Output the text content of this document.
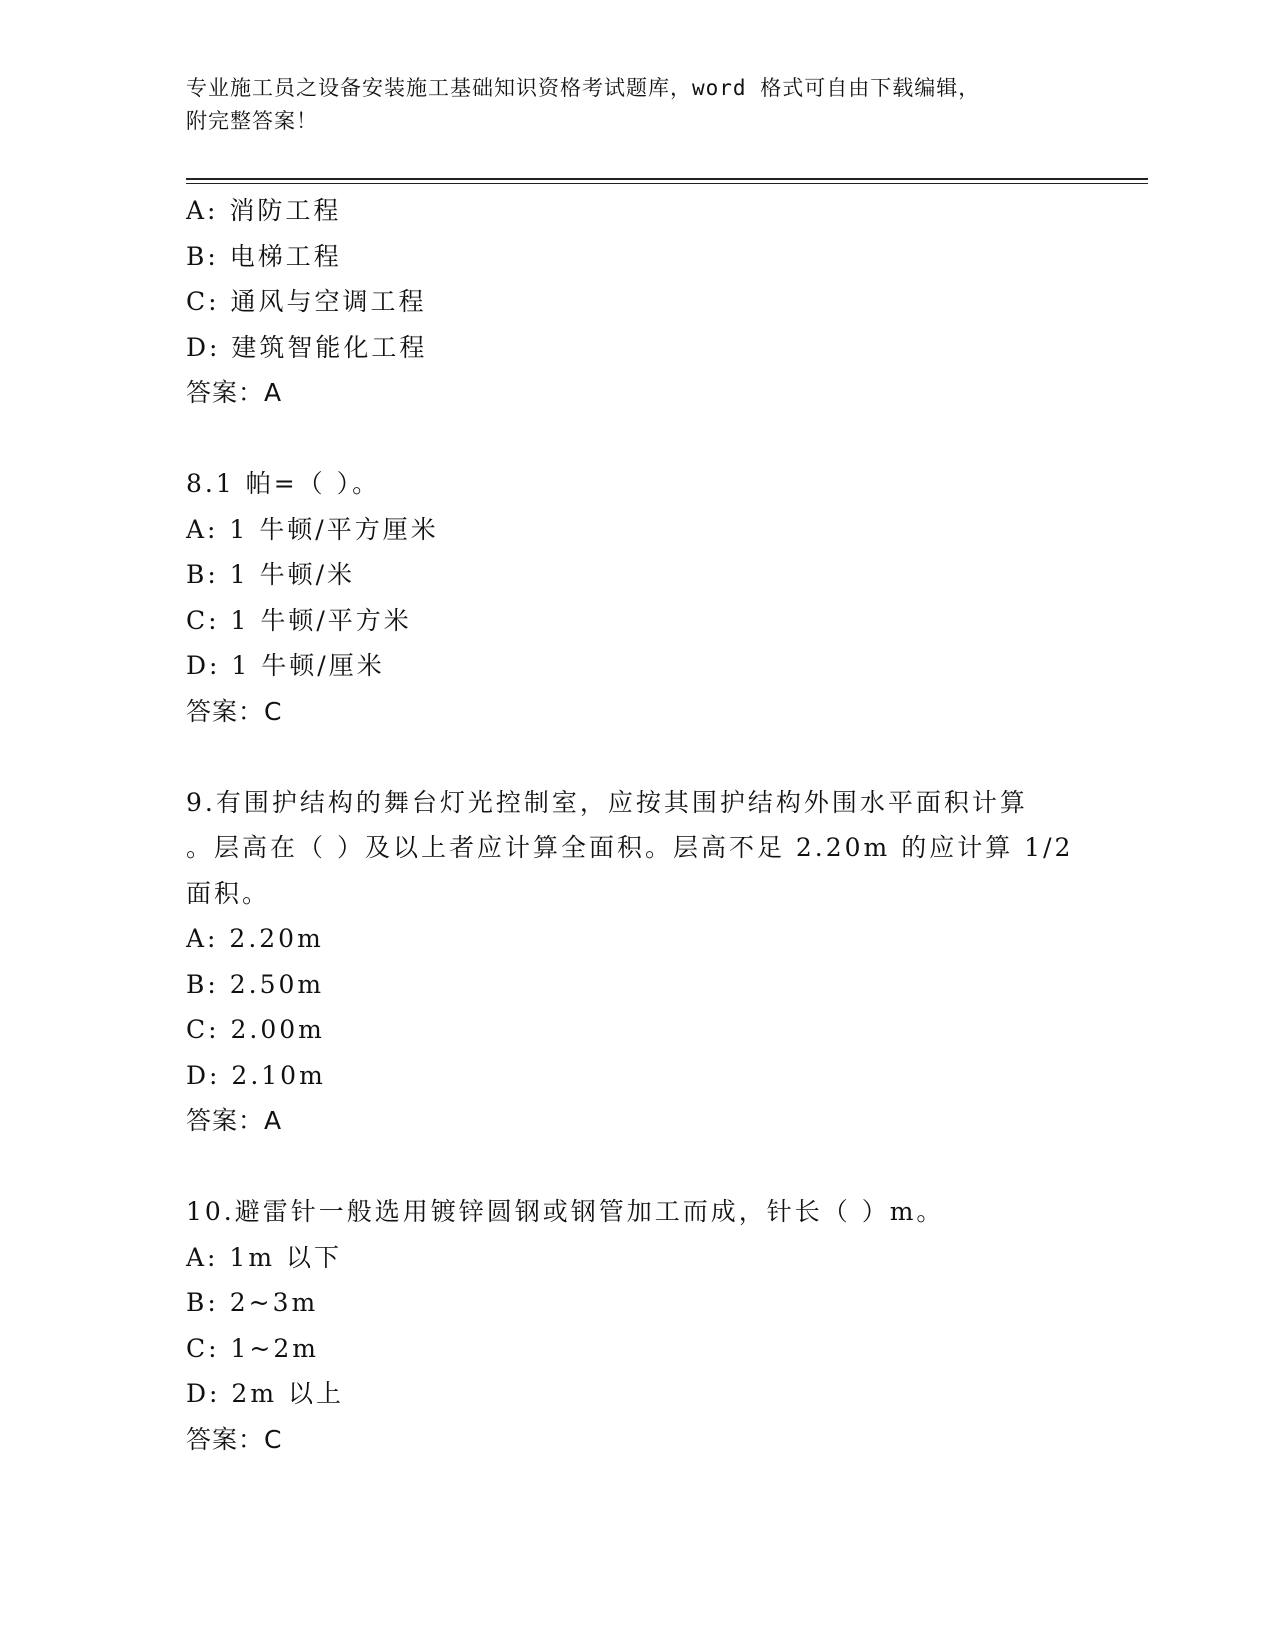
专业施工员之设备安装施工基础知识资格考试题库，word 格式可自由下载编辑，
附完整答案！
A: 消防工程
B: 电梯工程
C: 通风与空调工程
D: 建筑智能化工程
答案：A
8.1 帕=（ ）。
A: 1 牛顿/平方厘米
B: 1 牛顿/米
C: 1 牛顿/平方米
D: 1 牛顿/厘米
答案：C
9.有围护结构的舞台灯光控制室，应按其围护结构外围水平面积计算
。层高在（ ）及以上者应计算全面积。层高不足 2.20m 的应计算 1/2
面积。
A: 2.20m
B: 2.50m
C: 2.00m
D: 2.10m
答案：A
10.避雷针一般选用镀锌圆钢或钢管加工而成，针长（ ）m。
A: 1m 以下
B: 2~3m
C: 1~2m
D: 2m 以上
答案：C
